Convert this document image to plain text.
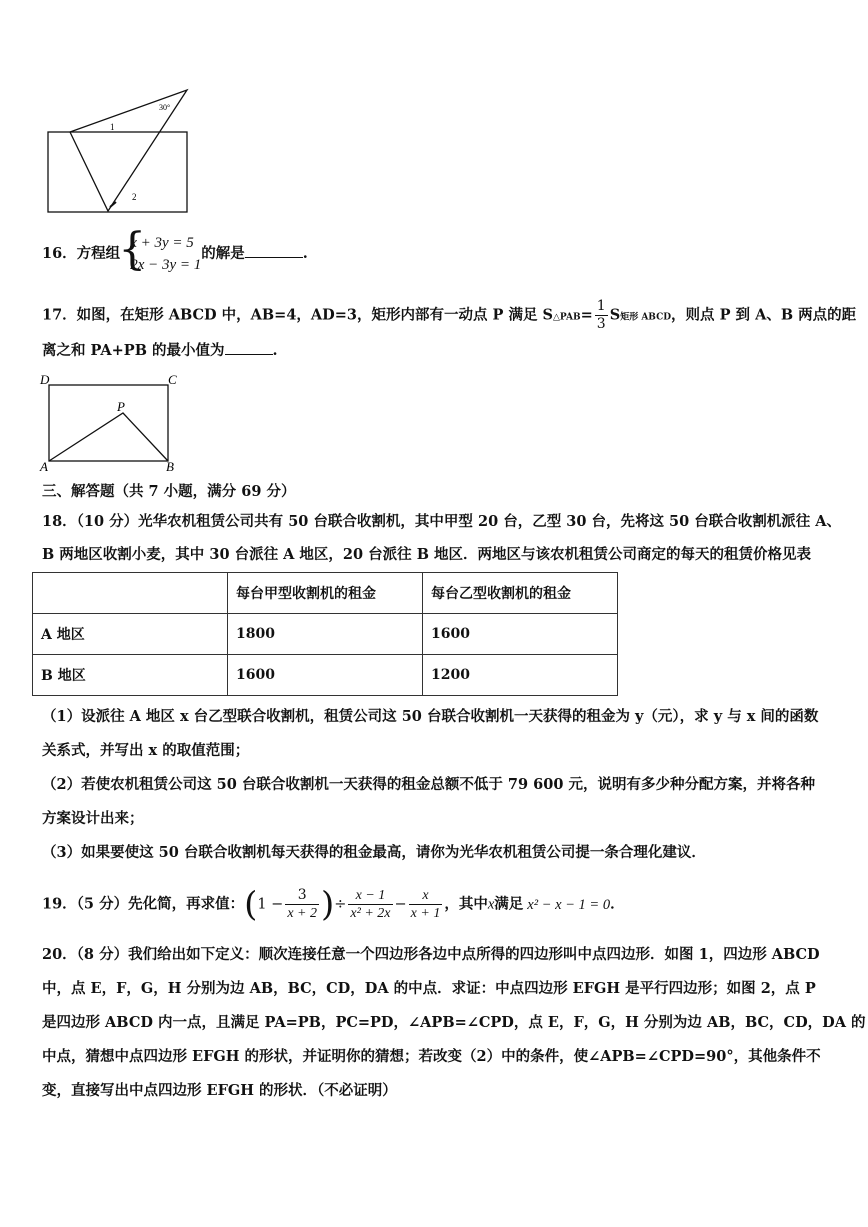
30°
1
2
16．方程组
{
x + 3y = 5
2x − 3y = 1
的解是	.
17．如图，在矩形 ABCD 中，AB=4，AD=3，矩形内部有一动点 P 满足 S△PAB= $\frac{1}{3}$ S矩形 ABCD，则点 P 到 A、B 两点的距
离之和 PA+PB 的最小值为	.
D	C
P
A	B
三、解答题（共 7 小题，满分 69 分）
18．（10 分）光华农机租赁公司共有 50 台联合收割机，其中甲型 20 台，乙型 30 台，先将这 50 台联合收割机派往 A、
B 两地区收割小麦，其中 30 台派往 A 地区，20 台派往 B 地区．两地区与该农机租赁公司商定的每天的租赁价格见表
	每台甲型收割机的租金	每台乙型收割机的租金
A 地区	1800	1600
B 地区	1600	1200
（1）设派往 A 地区 x 台乙型联合收割机，租赁公司这 50 台联合收割机一天获得的租金为 y（元），求 y 与 x 间的函数
关系式，并写出 x 的取值范围；
（2）若使农机租赁公司这 50 台联合收割机一天获得的租金总额不低于 79 600 元，说明有多少种分配方案，并将各种
方案设计出来；
（3）如果要使这 50 台联合收割机每天获得的租金最高，请你为光华农机租赁公司提一条合理化建议．
19．（5 分）先化简，再求值：($1 - \frac{3}{x + 2}$ )÷ $\frac{x - 1}{\text{x² + 2x}} - \frac{x}{x + 1}$ ，其中x满足 x² − x − 1 = 0．
20．（8 分）我们给出如下定义：顺次连接任意一个四边形各边中点所得的四边形叫中点四边形．如图 1，四边形 ABCD
中，点 E，F，G，H 分别为边 AB，BC，CD，DA 的中点．求证：中点四边形 EFGH 是平行四边形；如图 2，点 P
是四边形 ABCD 内一点，且满足 PA=PB，PC=PD，∠APB=∠CPD，点 E，F，G，H 分别为边 AB，BC，CD，DA 的
中点，猜想中点四边形 EFGH 的形状，并证明你的猜想；若改变（2）中的条件，使∠APB=∠CPD=90°，其他条件不
变，直接写出中点四边形 EFGH 的形状．（不必证明）
